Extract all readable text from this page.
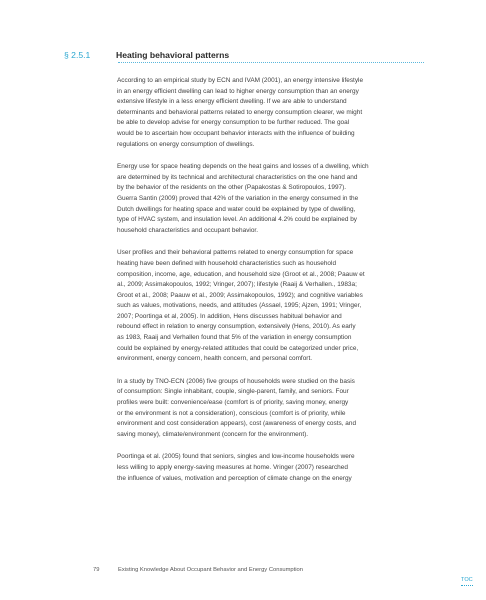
§ 2.5.1	Heating behavioral patterns

According to an empirical study by ECN and IVAM (2001), an energy intensive lifestyle
in an energy efficient dwelling can lead to higher energy consumption than an energy
extensive lifestyle in a less energy efficient dwelling. If we are able to understand
determinants and behavioral patterns related to energy consumption clearer, we might
be able to develop advise for energy consumption to be further reduced. The goal
would be to ascertain how occupant behavior interacts with the influence of building
regulations on energy consumption of dwellings.

Energy use for space heating depends on the heat gains and losses of a dwelling, which
are determined by its technical and architectural characteristics on the one hand and
by the behavior of the residents on the other (Papakostas & Sotiropoulos, 1997).
Guerra Santin (2009) proved that 42% of the variation in the energy consumed in the
Dutch dwellings for heating space and water could be explained by type of dwelling,
type of HVAC system, and insulation level. An additional 4.2% could be explained by
household characteristics and occupant behavior.

User profiles and their behavioral patterns related to energy consumption for space
heating have been defined with household characteristics such as household
composition, income, age, education, and household size (Groot et al., 2008; Paauw et
al., 2009; Assimakopoulos, 1992; Vringer, 2007); lifestyle (Raaij & Verhallen., 1983a;
Groot et al., 2008; Paauw et al., 2009; Assimakopoulos, 1992); and cognitive variables
such as values, motivations, needs, and attitudes (Assael, 1995; Ajzen, 1991; Vringer,
2007; Poortinga et al, 2005). In addition, Hens discusses habitual behavior and
rebound effect in relation to energy consumption, extensively (Hens, 2010). As early
as 1983, Raaij and Verhallen found that 5% of the variation in energy consumption
could be explained by energy-related attitudes that could be categorized under price,
environment, energy concern, health concern, and personal comfort.

In a study by TNO-ECN (2006) five groups of households were studied on the basis
of consumption: Single inhabitant, couple, single-parent, family, and seniors. Four
profiles were built: convenience/ease (comfort is of priority, saving money, energy
or the environment is not a consideration), conscious (comfort is of priority, while
environment and cost consideration appears), cost (awareness of energy costs, and
saving money), climate/environment (concern for the environment).

Poortinga et al. (2005) found that seniors, singles and low-income households were
less willing to apply energy-saving measures at home. Vringer (2007) researched
the influence of values, motivation and perception of climate change on the energy

79	Existing Knowledge About Occupant Behavior and Energy Consumption
TOC
